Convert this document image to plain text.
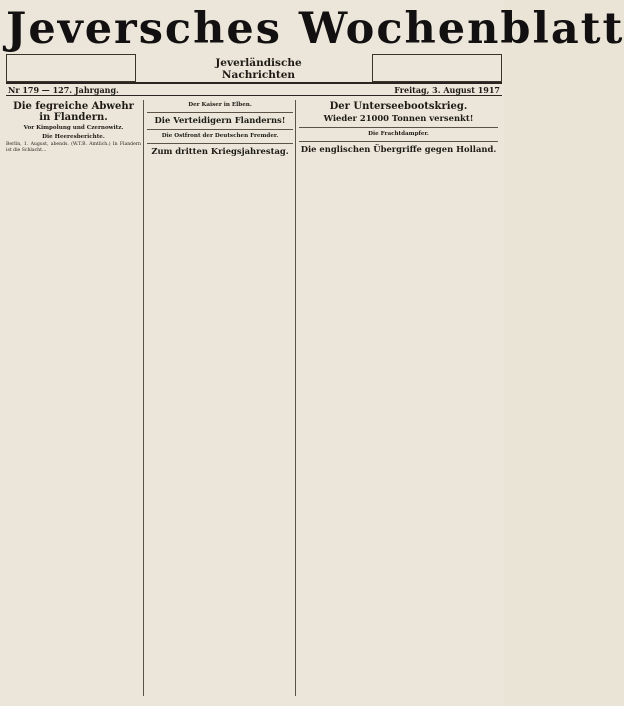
Jeversches Wochenblatt
Jeverländische
Nachrichten
Nr 179 — 127. Jahrgang.	Freitag, 3. August 1917
Die fegreiche Abwehr in Flandern.
Vor Kimpolung und Czernowitz.
Die Heeresberichte.
Berlin, 1. August, abends. (W.T.B. Amtlich.) In Flandern ist die Schlacht...
Der Kaiser in Elben.
Die Verteidigern Flanderns!
Die Ostfront der Deutschen Fremder.
Zum dritten Kriegsjahrestag.
Der Unterseebootskrieg.
Wieder 21000 Tonnen versenkt!
Die Frachtdampfer.
Die englischen Übergriffe gegen Holland.
